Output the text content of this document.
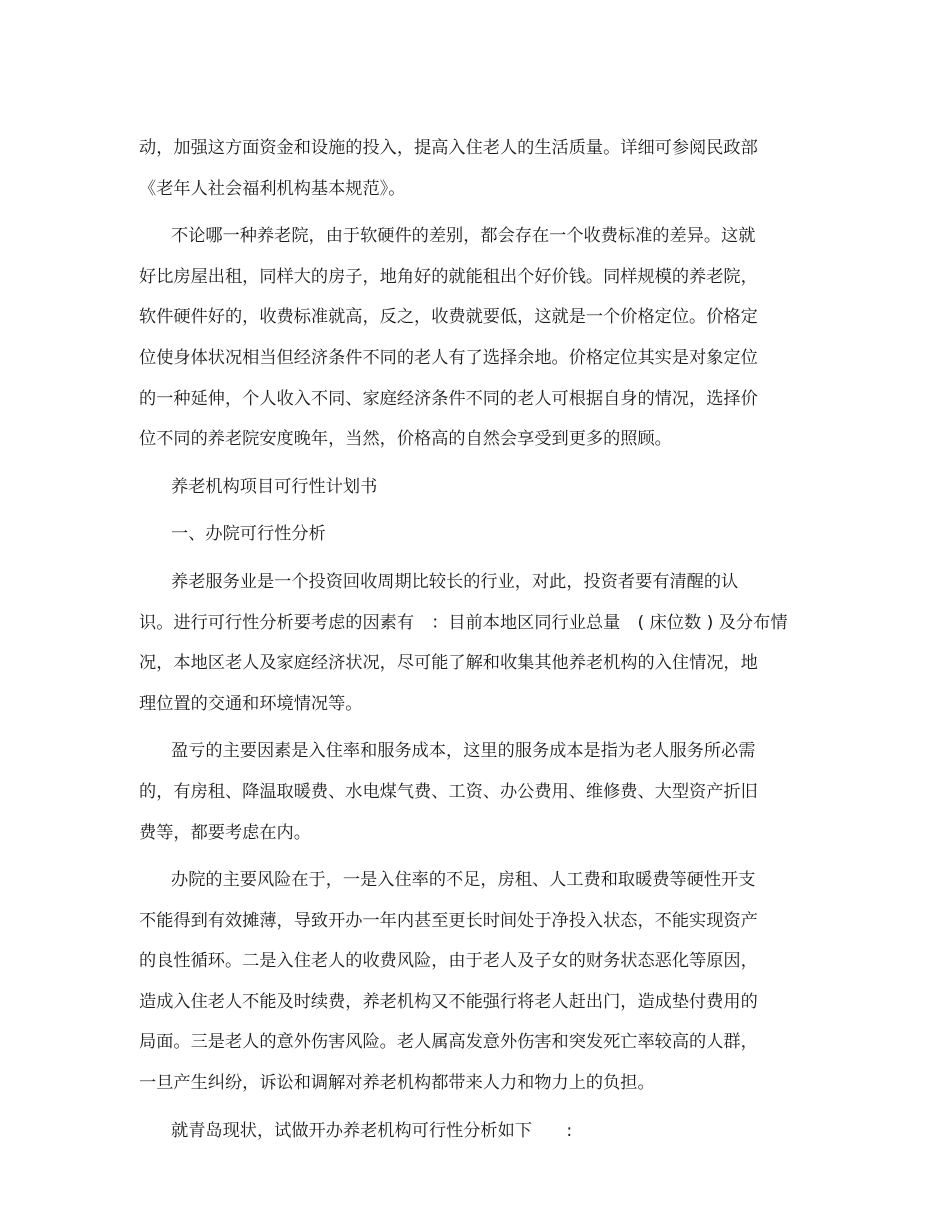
动，加强这方面资金和设施的投入，提高入住老人的生活质量。详细可参阅民政部
《老年人社会福利机构基本规范》。
不论哪一种养老院，由于软硬件的差别，都会存在一个收费标准的差异。这就
好比房屋出租，同样大的房子，地角好的就能租出个好价钱。同样规模的养老院，
软件硬件好的，收费标准就高，反之，收费就要低，这就是一个价格定位。价格定
位使身体状况相当但经济条件不同的老人有了选择余地。价格定位其实是对象定位
的一种延伸，个人收入不同、家庭经济条件不同的老人可根据自身的情况，选择价
位不同的养老院安度晚年，当然，价格高的自然会享受到更多的照顾。
养老机构项目可行性计划书
一、办院可行性分析
养老服务业是一个投资回收周期比较长的行业，对此，投资者要有清醒的认
识。进行可行性分析要考虑的因素有　：目前本地区同行业总量　( 床位数 ) 及分布情
况，本地区老人及家庭经济状况，尽可能了解和收集其他养老机构的入住情况，地
理位置的交通和环境情况等。
盈亏的主要因素是入住率和服务成本，这里的服务成本是指为老人服务所必需
的，有房租、降温取暖费、水电煤气费、工资、办公费用、维修费、大型资产折旧
费等，都要考虑在内。
办院的主要风险在于，一是入住率的不足，房租、人工费和取暖费等硬性开支
不能得到有效摊薄，导致开办一年内甚至更长时间处于净投入状态，不能实现资产
的良性循环。二是入住老人的收费风险，由于老人及子女的财务状态恶化等原因，
造成入住老人不能及时续费，养老机构又不能强行将老人赶出门，造成垫付费用的
局面。三是老人的意外伤害风险。老人属高发意外伤害和突发死亡率较高的人群，
一旦产生纠纷，诉讼和调解对养老机构都带来人力和物力上的负担。
就青岛现状，试做开办养老机构可行性分析如下　　:
